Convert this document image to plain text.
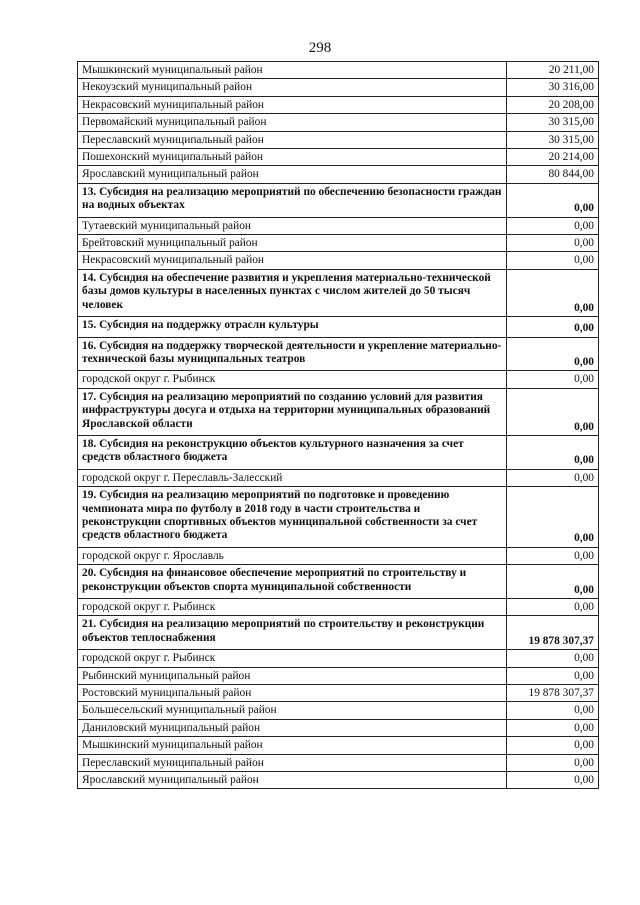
298
Мышкинский муниципальный район	20 211,00
Некоузский муниципальный район	30 316,00
Некрасовский муниципальный район	20 208,00
Первомайский муниципальный район	30 315,00
Переславский муниципальный район	30 315,00
Пошехонский муниципальный район	20 214,00
Ярославский муниципальный район	80 844,00
13. Субсидия на реализацию мероприятий по обеспечению безопасности граждан на водных объектах	0,00
Тутаевский муниципальный район	0,00
Брейтовский муниципальный район	0,00
Некрасовский муниципальный район	0,00
14. Субсидия на обеспечение развития и укрепления материально-технической базы домов культуры в населенных пунктах с числом жителей до 50 тысяч человек	0,00
15. Субсидия на поддержку отрасли культуры	0,00
16. Субсидия на поддержку творческой деятельности и укрепление материально-технической базы муниципальных театров	0,00
городской округ г. Рыбинск	0,00
17. Субсидия на реализацию мероприятий по созданию условий для развития инфраструктуры досуга и отдыха на территории муниципальных образований Ярославской области	0,00
18. Субсидия на реконструкцию объектов культурного назначения за счет средств областного бюджета	0,00
городской округ г. Переславль-Залесский	0,00
19. Субсидия на реализацию мероприятий по подготовке и проведению чемпионата мира по футболу в 2018 году в части строительства и реконструкции спортивных объектов муниципальной собственности за счет средств областного бюджета	0,00
городской округ г. Ярославль	0,00
20. Субсидия на финансовое обеспечение мероприятий по строительству и реконструкции объектов спорта муниципальной собственности	0,00
городской округ г. Рыбинск	0,00
21. Субсидия на реализацию мероприятий по строительству и реконструкции объектов теплоснабжения	19 878 307,37
городской округ г. Рыбинск	0,00
Рыбинский муниципальный район	0,00
Ростовский муниципальный район	19 878 307,37
Большесельский муниципальный район	0,00
Даниловский муниципальный район	0,00
Мышкинский муниципальный район	0,00
Переславский муниципальный район	0,00
Ярославский муниципальный район	0,00
